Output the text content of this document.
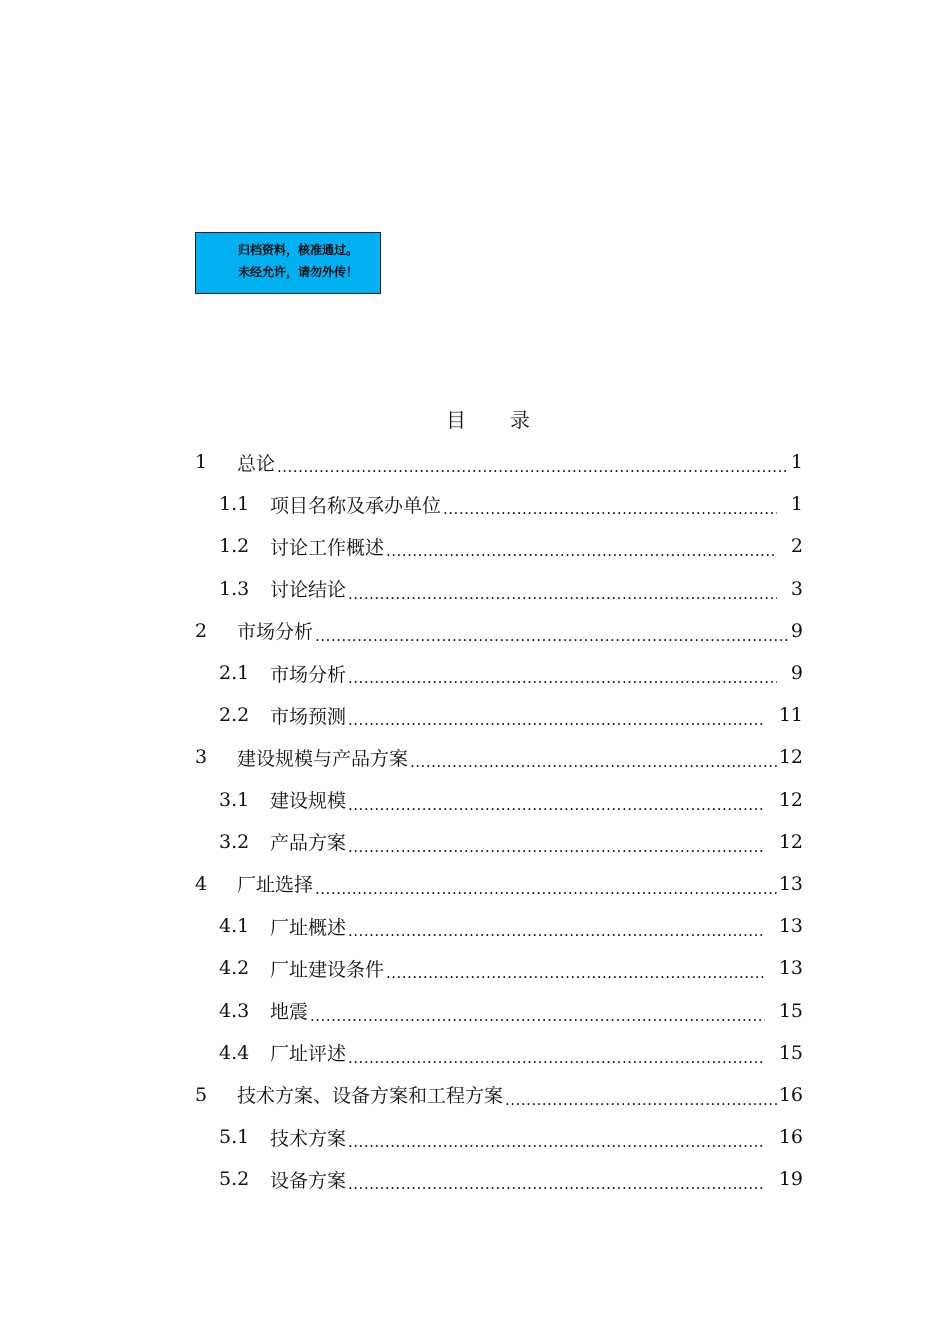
归档资料，核准通过。
未经允许，请勿外传！
目 录
1	总论 .....	1
1.1	项目名称及承办单位 .....	1
1.2	讨论工作概述 .....	2
1.3	讨论结论 .....	3
2	市场分析 .....	9
2.1	市场分析 .....	9
2.2	市场预测 .....	11
3	建设规模与产品方案 .....	12
3.1	建设规模 .....	12
3.2	产品方案 .....	12
4	厂址选择 .....	13
4.1	厂址概述 .....	13
4.2	厂址建设条件 .....	13
4.3	地震 .....	15
4.4	厂址评述 .....	15
5	技术方案、设备方案和工程方案 .....	16
5.1	技术方案 .....	16
5.2	设备方案 .....	19
